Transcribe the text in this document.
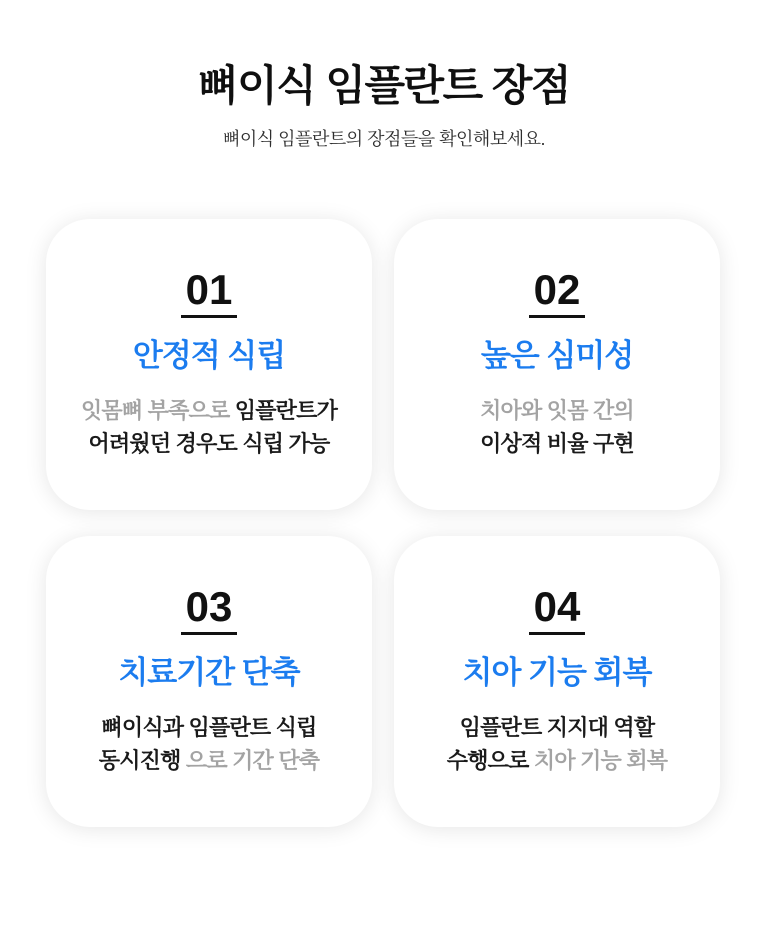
뼈이식 임플란트 장점

뼈이식 임플란트의 장점들을 확인해보세요.

01
안정적 식립

잇몸뼈 부족으로 임플란트가
어려웠던 경우도 식립 가능

02
높은 심미성

치아와 잇몸 간의
이상적 비율 구현

03
치료기간 단축

뼈이식과 임플란트 식립
동시진행 으로 기간 단축

04
치아 기능 회복

임플란트 지지대 역할
수행으로 치아 기능 회복
